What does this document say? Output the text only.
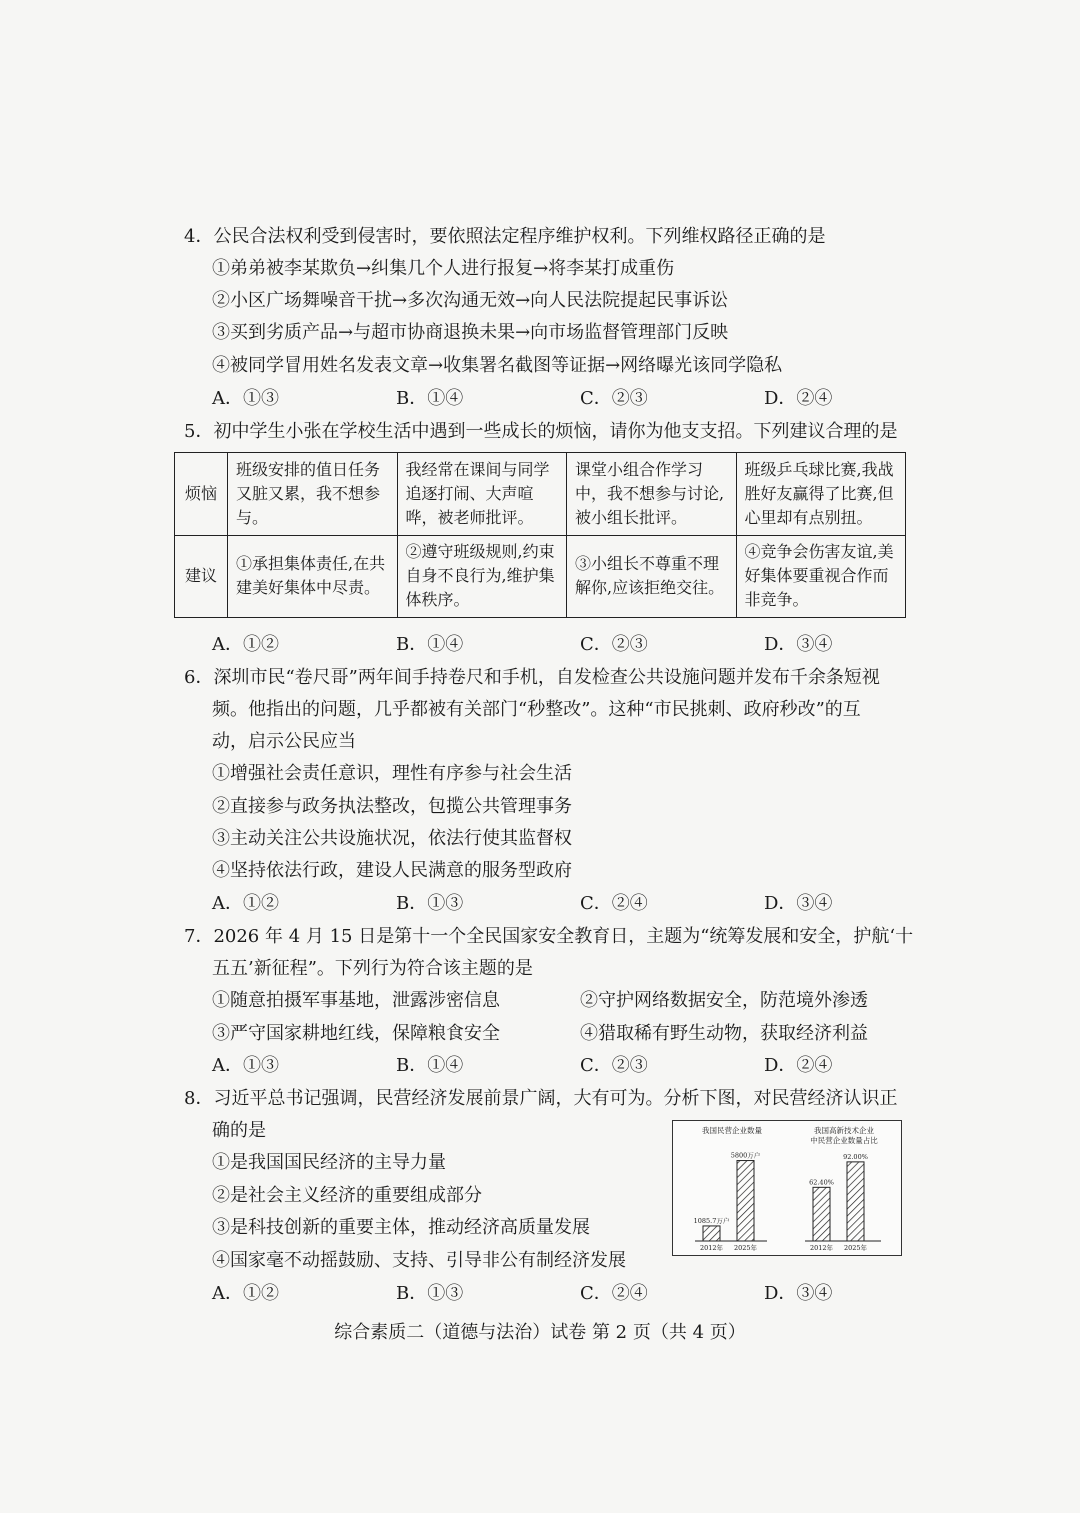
4．公民合法权利受到侵害时，要依照法定程序维护权利。下列维权路径正确的是
①弟弟被李某欺负→纠集几个人进行报复→将李某打成重伤
②小区广场舞噪音干扰→多次沟通无效→向人民法院提起民事诉讼
③买到劣质产品→与超市协商退换未果→向市场监督管理部门反映
④被同学冒用姓名发表文章→收集署名截图等证据→网络曝光该同学隐私
A．①③	B．①④	C．②③	D．②④
5．初中学生小张在学校生活中遇到一些成长的烦恼，请你为他支支招。下列建议合理的是
烦恼	班级安排的值日任务又脏又累，我不想参与。	我经常在课间与同学追逐打闹、大声喧哗，被老师批评。	课堂小组合作学习中，我不想参与讨论,被小组长批评。	班级乒乓球比赛,我战胜好友赢得了比赛,但心里却有点别扭。
建议	①承担集体责任,在共建美好集体中尽责。	②遵守班级规则,约束自身不良行为,维护集体秩序。	③小组长不尊重不理解你,应该拒绝交往。	④竞争会伤害友谊,美好集体要重视合作而非竞争。
A．①②	B．①④	C．②③	D．③④
6．深圳市民“卷尺哥”两年间手持卷尺和手机，自发检查公共设施问题并发布千余条短视
频。他指出的问题，几乎都被有关部门“秒整改”。这种“市民挑刺、政府秒改”的互
动，启示公民应当
①增强社会责任意识，理性有序参与社会生活
②直接参与政务执法整改，包揽公共管理事务
③主动关注公共设施状况，依法行使其监督权
④坚持依法行政，建设人民满意的服务型政府
A．①②	B．①③	C．②④	D．③④
7．2026 年 4 月 15 日是第十一个全民国家安全教育日，主题为“统筹发展和安全，护航‘十
五五’新征程”。下列行为符合该主题的是
①随意拍摄军事基地，泄露涉密信息	②守护网络数据安全，防范境外渗透
③严守国家耕地红线，保障粮食安全	④猎取稀有野生动物，获取经济利益
A．①③	B．①④	C．②③	D．②④
8．习近平总书记强调，民营经济发展前景广阔，大有可为。分析下图，对民营经济认识正
确的是
①是我国国民经济的主导力量
②是社会主义经济的重要组成部分
③是科技创新的重要主体，推动经济高质量发展
④国家毫不动摇鼓励、支持、引导非公有制经济发展
我国民营企业数量
1085.7万户
2012年
5800万户
2025年
我国高新技术企业
中民营企业数量占比
62.40%
2012年
92.00%
2025年
A．①②	B．①③	C．②④	D．③④
综合素质二（道德与法治）试卷 第 2 页（共 4 页）
